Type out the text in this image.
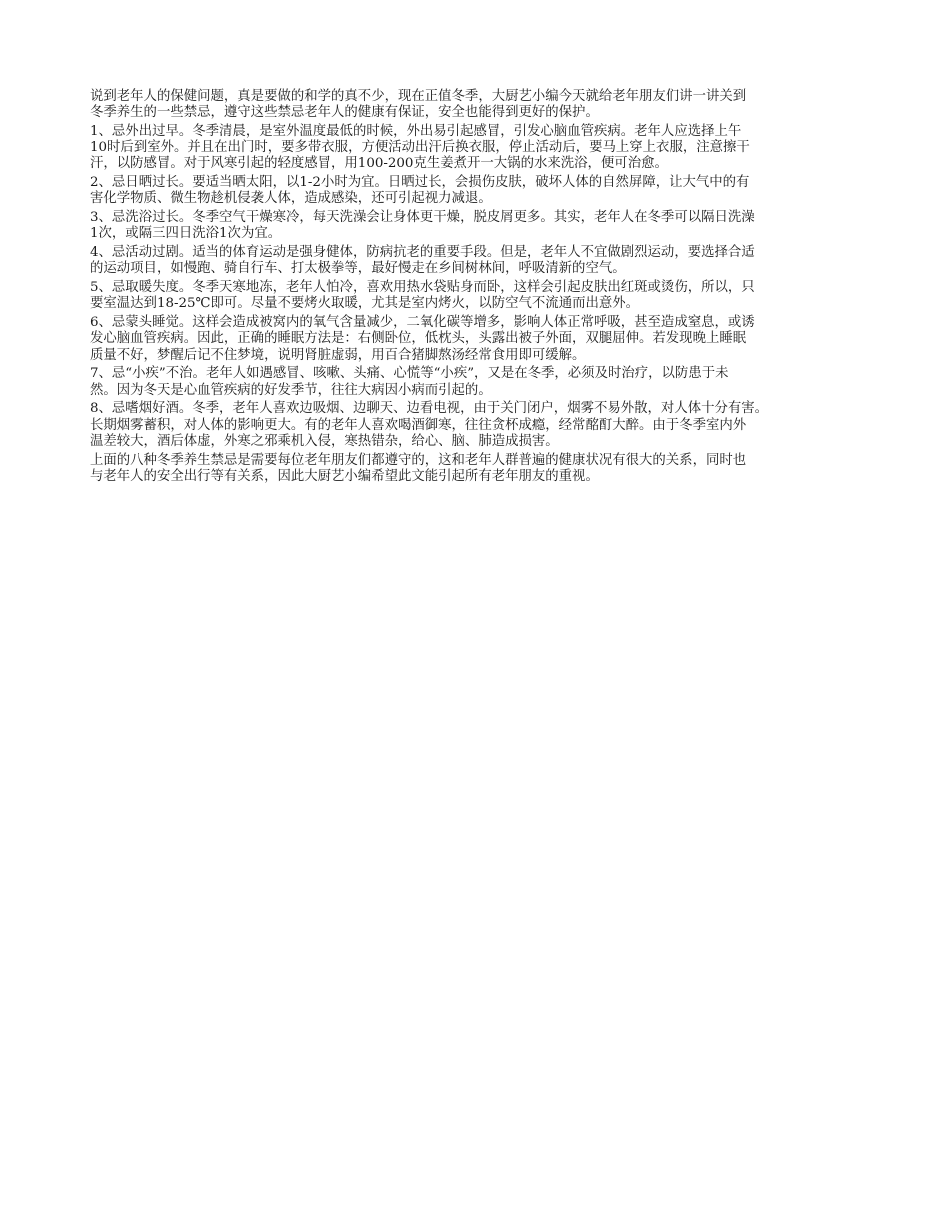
说到老年人的保健问题，真是要做的和学的真不少，现在正值冬季，大厨艺小编今天就给老年朋友们讲一讲关到
冬季养生的一些禁忌，遵守这些禁忌老年人的健康有保证，安全也能得到更好的保护。

1、忌外出过早。冬季清晨，是室外温度最低的时候，外出易引起感冒，引发心脑血管疾病。老年人应选择上午
10时后到室外。并且在出门时，要多带衣服，方便活动出汗后换衣服，停止活动后，要马上穿上衣服，注意擦干
汗，以防感冒。对于风寒引起的轻度感冒，用100-200克生姜煮开一大锅的水来洗浴，便可治愈。

2、忌日晒过长。要适当晒太阳，以1-2小时为宜。日晒过长，会损伤皮肤，破坏人体的自然屏障，让大气中的有
害化学物质、微生物趁机侵袭人体，造成感染，还可引起视力减退。

3、忌洗浴过长。冬季空气干燥寒冷，每天洗澡会让身体更干燥，脱皮屑更多。其实，老年人在冬季可以隔日洗澡
1次，或隔三四日洗浴1次为宜。

4、忌活动过剧。适当的体育运动是强身健体，防病抗老的重要手段。但是，老年人不宜做剧烈运动，要选择合适
的运动项目，如慢跑、骑自行车、打太极拳等，最好慢走在乡间树林间，呼吸清新的空气。

5、忌取暖失度。冬季天寒地冻，老年人怕冷，喜欢用热水袋贴身而卧，这样会引起皮肤出红斑或烫伤，所以，只
要室温达到18-25℃即可。尽量不要烤火取暖，尤其是室内烤火，以防空气不流通而出意外。

6、忌蒙头睡觉。这样会造成被窝内的氧气含量减少，二氧化碳等增多，影响人体正常呼吸，甚至造成窒息，或诱
发心脑血管疾病。因此，正确的睡眠方法是：右侧卧位，低枕头，头露出被子外面，双腿屈伸。若发现晚上睡眠
质量不好，梦醒后记不住梦境，说明肾脏虚弱，用百合猪脚熬汤经常食用即可缓解。

7、忌“小疾”不治。老年人如遇感冒、咳嗽、头痛、心慌等“小疾”，又是在冬季，必须及时治疗，以防患于未
然。因为冬天是心血管疾病的好发季节，往往大病因小病而引起的。

8、忌嗜烟好酒。冬季，老年人喜欢边吸烟、边聊天、边看电视，由于关门闭户，烟雾不易外散，对人体十分有害。
长期烟雾蓄积，对人体的影响更大。有的老年人喜欢喝酒御寒，往往贪杯成瘾，经常酩酊大醉。由于冬季室内外
温差较大，酒后体虚，外寒之邪乘机入侵，寒热错杂，给心、脑、肺造成损害。

上面的八种冬季养生禁忌是需要每位老年朋友们都遵守的，这和老年人群普遍的健康状况有很大的关系，同时也
与老年人的安全出行等有关系，因此大厨艺小编希望此文能引起所有老年朋友的重视。
